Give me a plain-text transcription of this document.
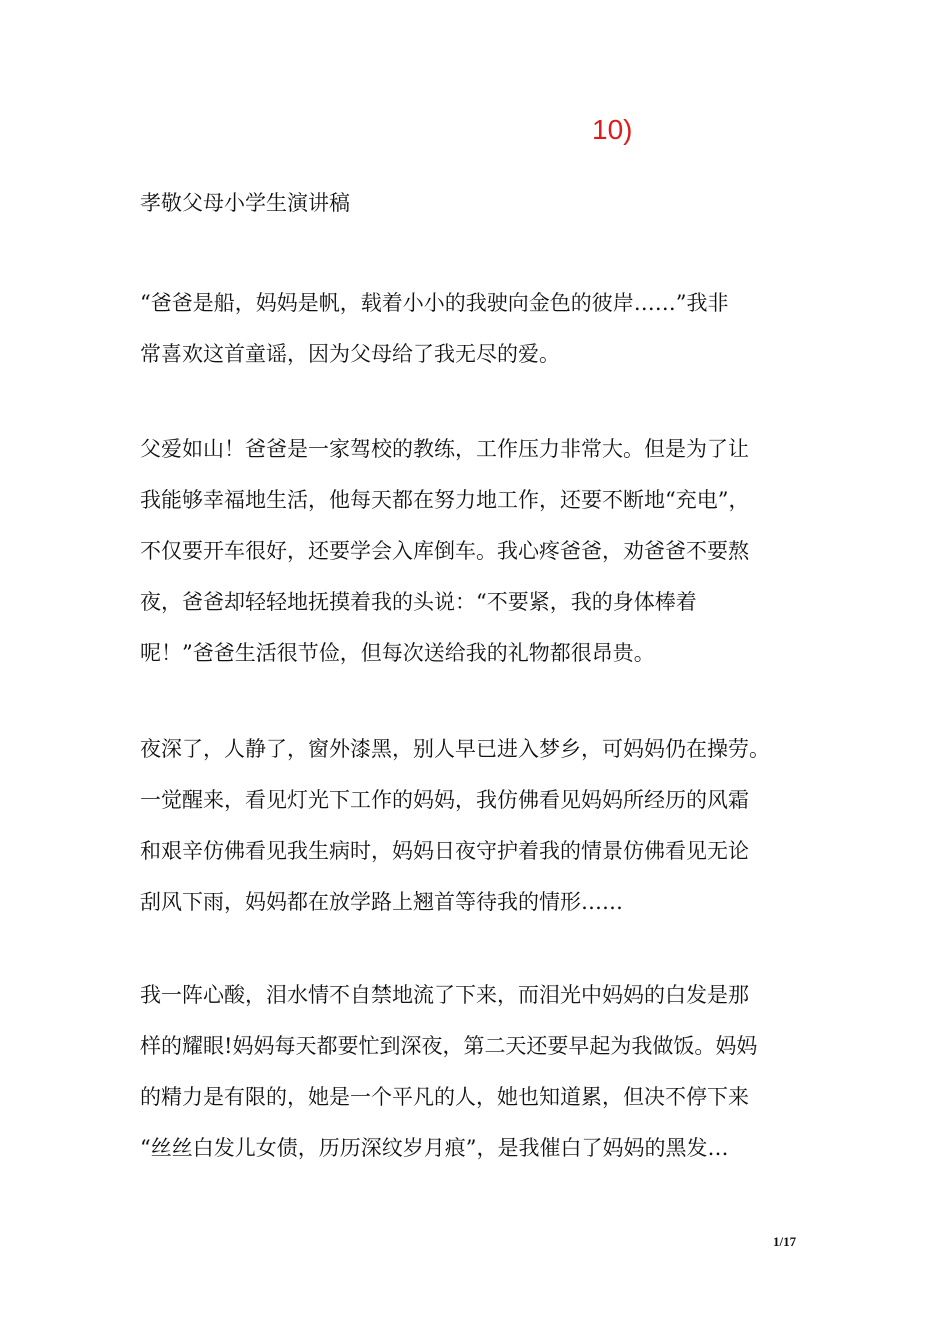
10)
孝敬父母小学生演讲稿
“爸爸是船，妈妈是帆，载着小小的我驶向金色的彼岸……”我非
常喜欢这首童谣，因为父母给了我无尽的爱。
父爱如山！爸爸是一家驾校的教练，工作压力非常大。但是为了让
我能够幸福地生活，他每天都在努力地工作，还要不断地“充电”，
不仅要开车很好，还要学会入库倒车。我心疼爸爸，劝爸爸不要熬
夜，爸爸却轻轻地抚摸着我的头说：“不要紧，我的身体棒着
呢！”爸爸生活很节俭，但每次送给我的礼物都很昂贵。
夜深了，人静了，窗外漆黑，别人早已进入梦乡，可妈妈仍在操劳。
一觉醒来，看见灯光下工作的妈妈，我仿佛看见妈妈所经历的风霜
和艰辛仿佛看见我生病时，妈妈日夜守护着我的情景仿佛看见无论
刮风下雨，妈妈都在放学路上翘首等待我的情形……
我一阵心酸，泪水情不自禁地流了下来，而泪光中妈妈的白发是那
样的耀眼!妈妈每天都要忙到深夜，第二天还要早起为我做饭。妈妈
的精力是有限的，她是一个平凡的人，她也知道累，但决不停下来
“丝丝白发儿女债，历历深纹岁月痕”，是我催白了妈妈的黑发…
1/17
